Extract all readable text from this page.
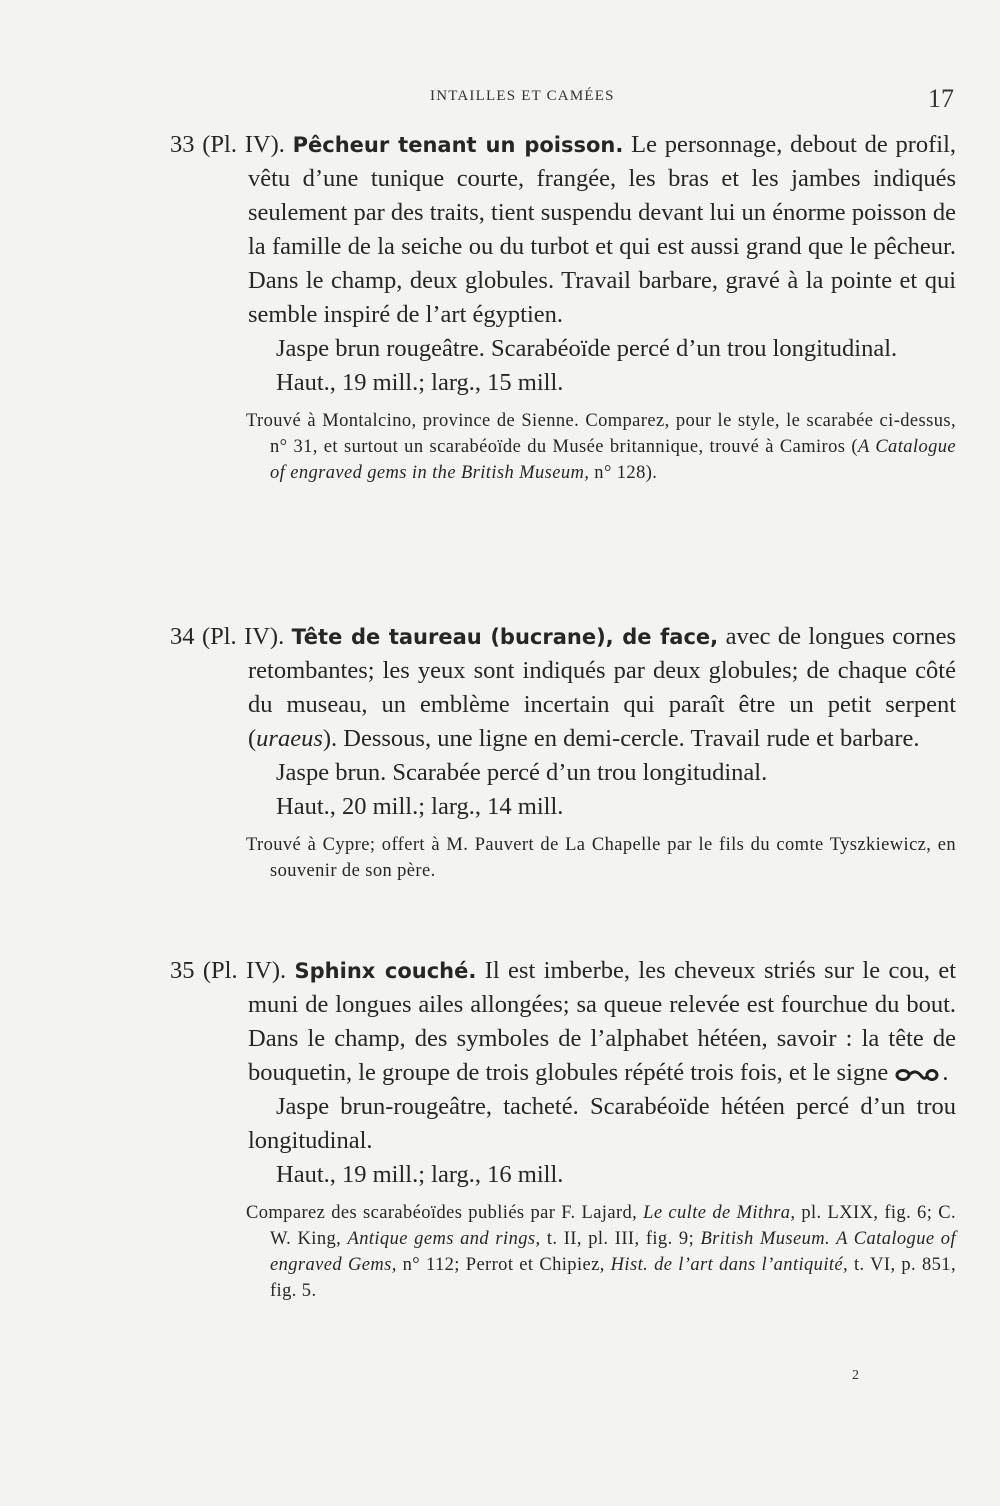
INTAILLES ET CAMÉES	17

33 (Pl. IV). Pêcheur tenant un poisson. Le personnage, debout de profil, vêtu d’une tunique courte, frangée, les bras et les jambes indiqués seulement par des traits, tient suspendu devant lui un énorme poisson de la famille de la seiche ou du turbot et qui est aussi grand que le pêcheur. Dans le champ, deux globules. Travail barbare, gravé à la pointe et qui semble inspiré de l’art égyptien.

Jaspe brun rougeâtre. Scarabéoïde percé d’un trou longitudinal.

Haut., 19 mill.; larg., 15 mill.

Trouvé à Montalcino, province de Sienne. Comparez, pour le style, le scarabée ci-dessus, n° 31, et surtout un scarabéoïde du Musée britannique, trouvé à Camiros (A Catalogue of engraved gems in the British Museum, n° 128).

34 (Pl. IV). Tête de taureau (bucrane), de face, avec de longues cornes retombantes; les yeux sont indiqués par deux globules; de chaque côté du museau, un emblème incertain qui paraît être un petit serpent (uraeus). Dessous, une ligne en demi-cercle. Travail rude et barbare.

Jaspe brun. Scarabée percé d’un trou longitudinal.

Haut., 20 mill.; larg., 14 mill.

Trouvé à Cypre; offert à M. Pauvert de La Chapelle par le fils du comte Tyszkiewicz, en souvenir de son père.

35 (Pl. IV). Sphinx couché. Il est imberbe, les cheveux striés sur le cou, et muni de longues ailes allongées; sa queue relevée est fourchue du bout. Dans le champ, des symboles de l’alphabet hétéen, savoir : la tête de bouquetin, le groupe de trois globules répété trois fois, et le signe .

Jaspe brun-rougeâtre, tacheté. Scarabéoïde hétéen percé d’un trou longitudinal.

Haut., 19 mill.; larg., 16 mill.

Comparez des scarabéoïdes publiés par F. Lajard, Le culte de Mithra, pl. LXIX, fig. 6; C. W. King, Antique gems and rings, t. II, pl. III, fig. 9; British Museum. A Catalogue of engraved Gems, n° 112; Perrot et Chipiez, Hist. de l’art dans l’antiquité, t. VI, p. 851, fig. 5.

2
